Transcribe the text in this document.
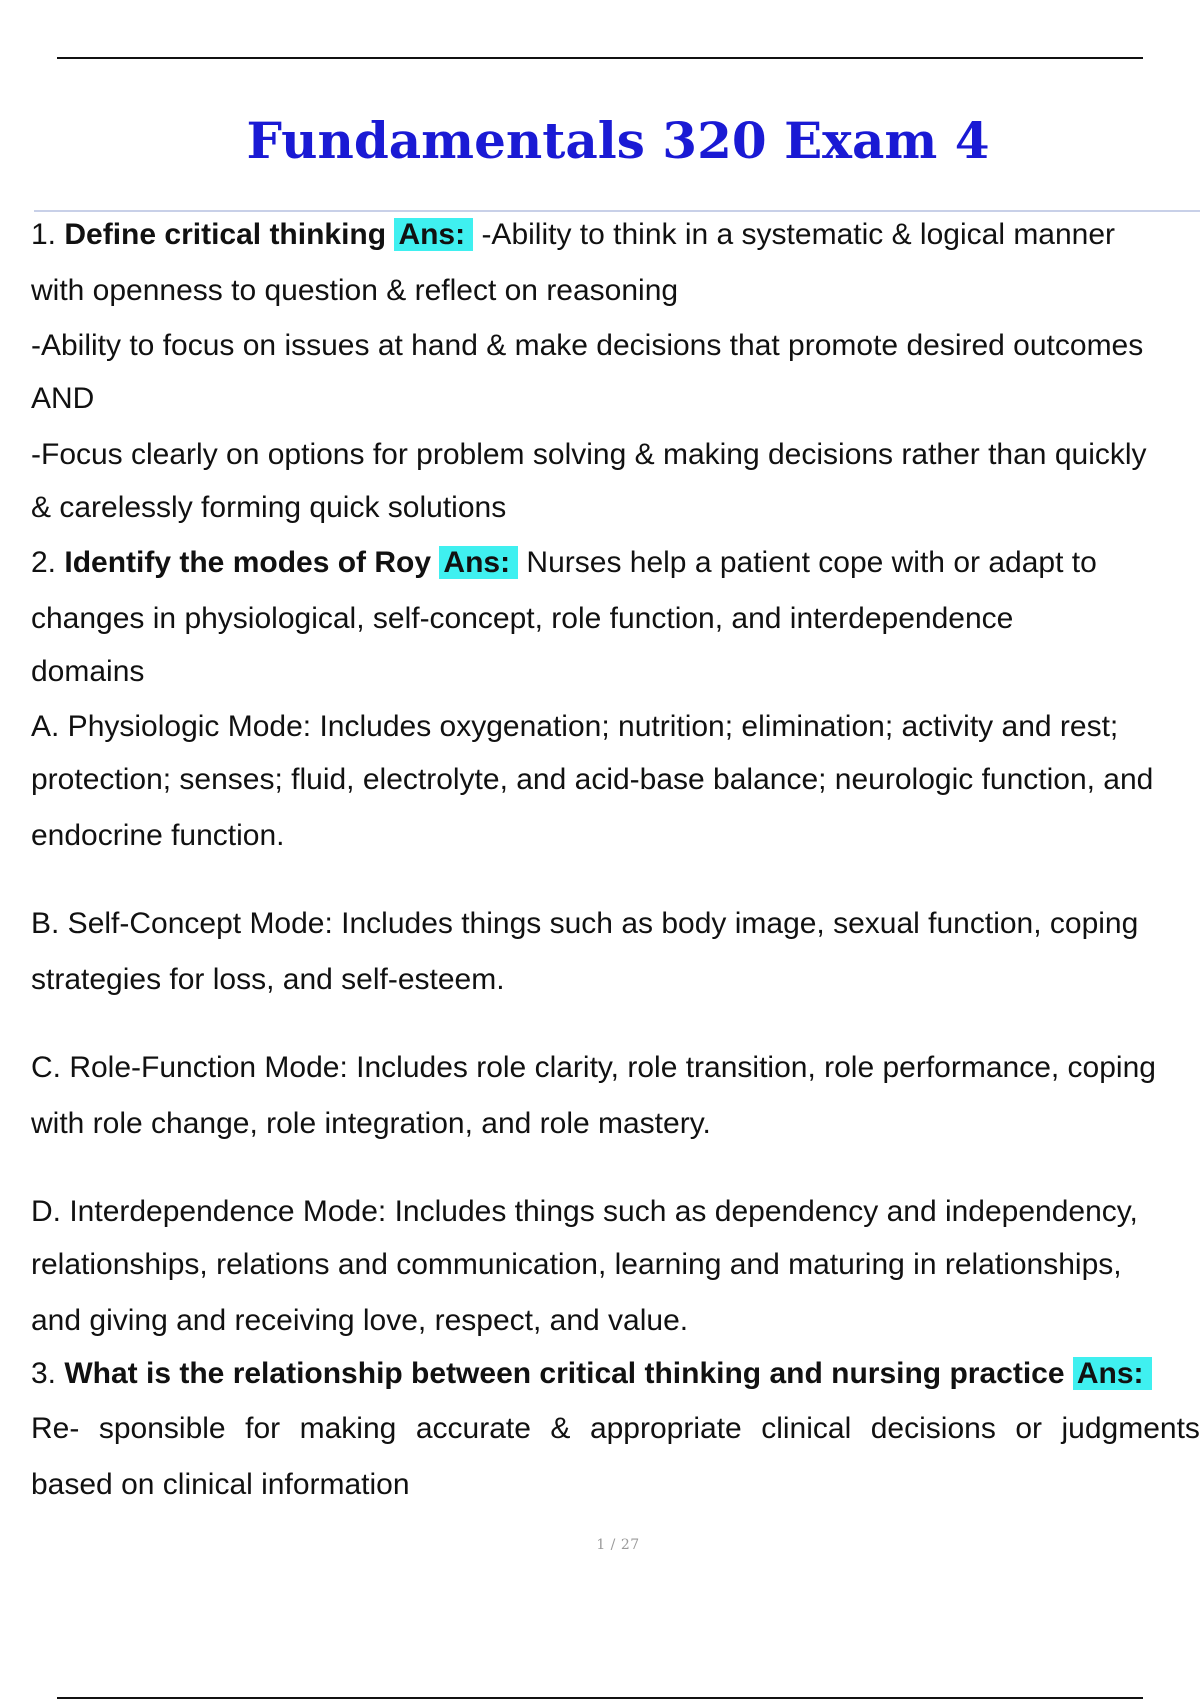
Fundamentals 320 Exam 4
1. Define critical thinking Ans: -Ability to think in a systematic & logical manner
with openness to question & reflect on reasoning
-Ability to focus on issues at hand & make decisions that promote desired outcomes
AND
-Focus clearly on options for problem solving & making decisions rather than quickly
& carelessly forming quick solutions
2. Identify the modes of Roy Ans: Nurses help a patient cope with or adapt to
changes in physiological, self-concept, role function, and interdependence
domains
A. Physiologic Mode: Includes oxygenation; nutrition; elimination; activity and rest;
protection; senses; fluid, electrolyte, and acid-base balance; neurologic function, and
endocrine function.
B. Self-Concept Mode: Includes things such as body image, sexual function, coping
strategies for loss, and self-esteem.
C. Role-Function Mode: Includes role clarity, role transition, role performance, coping
with role change, role integration, and role mastery.
D. Interdependence Mode: Includes things such as dependency and independency,
relationships, relations and communication, learning and maturing in relationships,
and giving and receiving love, respect, and value.
3. What is the relationship between critical thinking and nursing practice Ans:
Re- sponsible for making accurate & appropriate clinical decisions or judgments
based on clinical information
1 / 27
